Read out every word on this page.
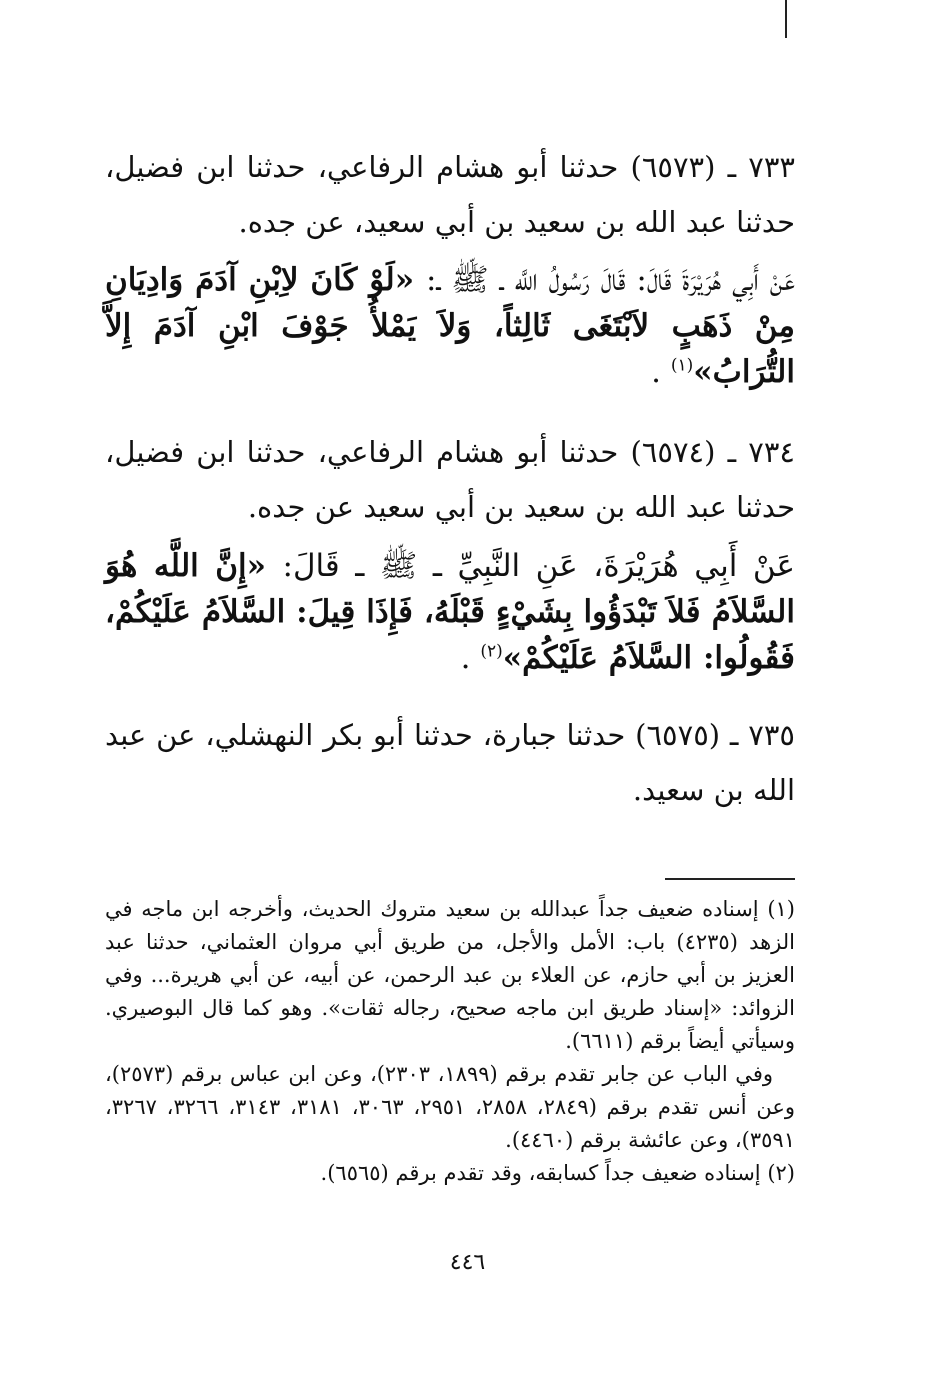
٧٣٣ ـ (٦٥٧٣) حدثنا أبو هشام الرفاعي، حدثنا ابن فضيل، حدثنا عبد الله بن سعيد بن أبي سعيد، عن جده.
عَنْ أَبِي هُرَيْرَةَ قَالَ: قَالَ رَسُولُ اللَّه ـ ﷺ ـ: «لَوْ كَانَ لاِبْنِ آدَمَ وَادِيَانِ مِنْ ذَهَبٍ لاَبْتَغَى ثَالِثاً، وَلاَ يَمْلأُ جَوْفَ ابْنِ آدَمَ إِلاَّ التُّرَابُ»$^{(١)}$ .
٧٣٤ ـ (٦٥٧٤) حدثنا أبو هشام الرفاعي، حدثنا ابن فضيل، حدثنا عبد الله بن سعيد بن أبي سعيد عن جده.
عَنْ أَبِي هُرَيْرَةَ، عَنِ النَّبِيِّ ـ ﷺ ـ قَالَ: «إِنَّ اللَّه هُوَ السَّلاَمُ فَلاَ تَبْدَؤُوا بِشَيْءٍ قَبْلَهُ، فَإِذَا قِيلَ: السَّلاَمُ عَلَيْكُمْ، فَقُولُوا: السَّلاَمُ عَلَيْكُمْ»$^{(٢)}$ .
٧٣٥ ـ (٦٥٧٥) حدثنا جبارة، حدثنا أبو بكر النهشلي، عن عبد الله بن سعيد.

(١) إسناده ضعيف جداً عبدالله بن سعيد متروك الحديث، وأخرجه ابن ماجه في الزهد (٤٢٣٥) باب: الأمل والأجل، من طريق أبي مروان العثماني، حدثنا عبد العزيز بن أبي حازم، عن العلاء بن عبد الرحمن، عن أبيه، عن أبي هريرة... وفي الزوائد: «إسناد طريق ابن ماجه صحيح، رجاله ثقات». وهو كما قال البوصيري. وسيأتي أيضاً برقم (٦٦١١).

وفي الباب عن جابر تقدم برقم (١٨٩٩، ٢٣٠٣)، وعن ابن عباس برقم (٢٥٧٣)، وعن أنس تقدم برقم (٢٨٤٩، ٢٨٥٨، ٢٩٥١، ٣٠٦٣، ٣١٨١، ٣١٤٣، ٣٢٦٦، ٣٢٦٧، ٣٥٩١)، وعن عائشة برقم (٤٤٦٠).

(٢) إسناده ضعيف جداً كسابقه، وقد تقدم برقم (٦٥٦٥).

٤٤٦
